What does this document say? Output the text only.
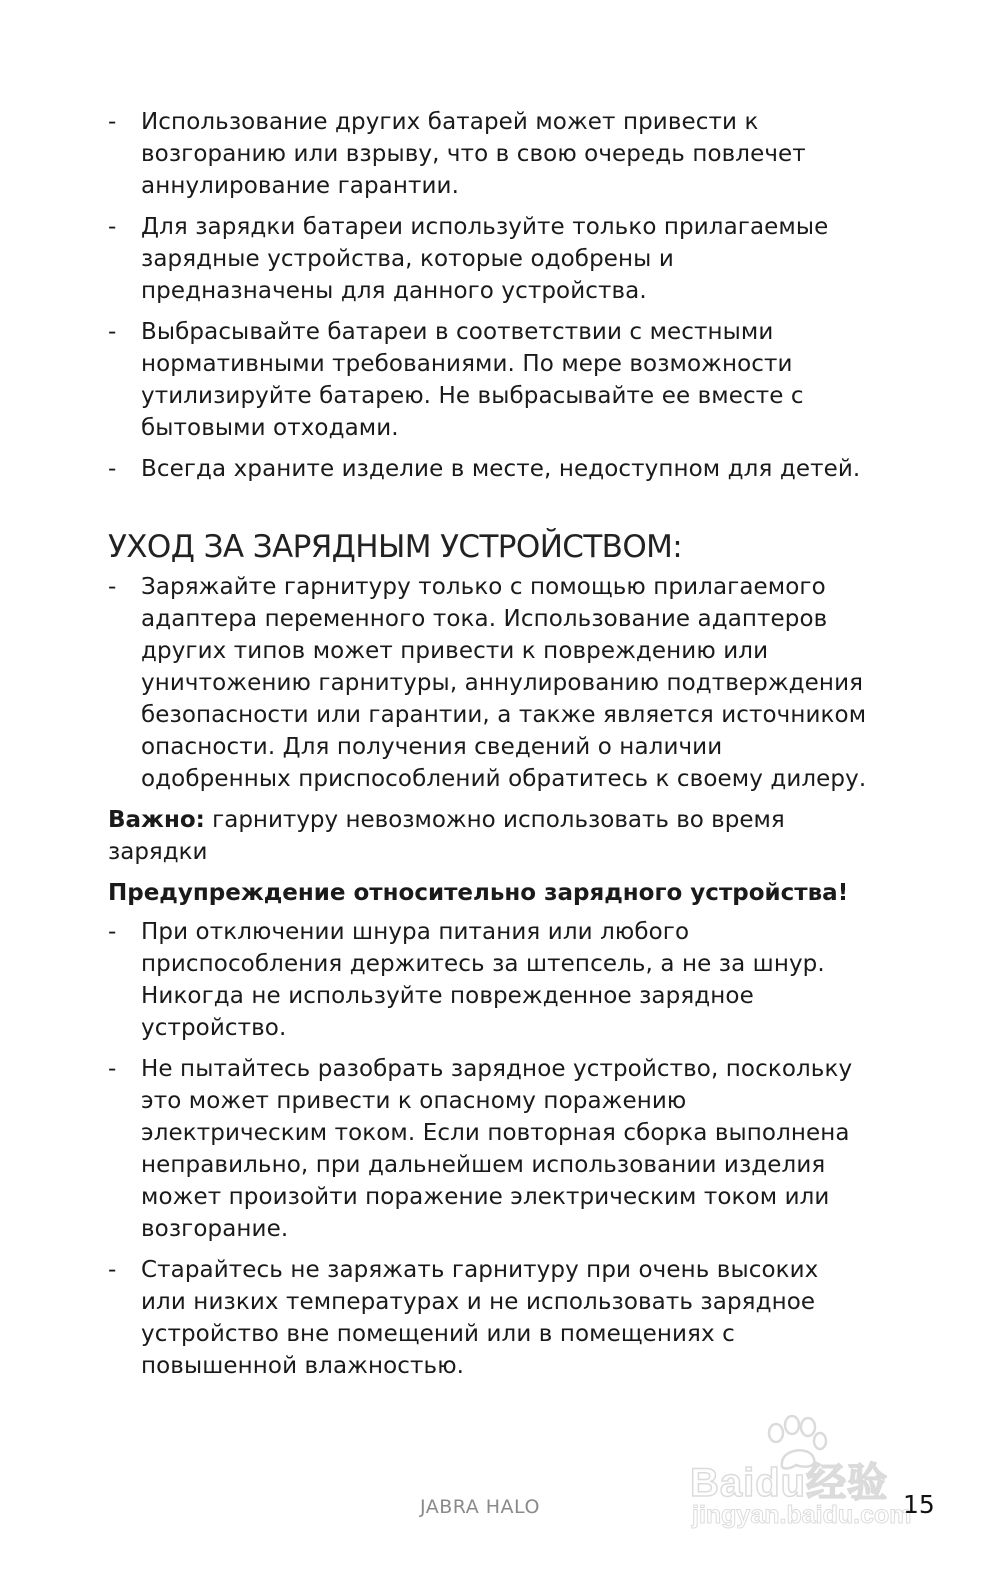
- Использование других батарей может привести к возгоранию или взрыву, что в свою очередь повлечет аннулирование гарантии.
- Для зарядки батареи используйте только прилагаемые зарядные устройства, которые одобрены и предназначены для данного устройства.
- Выбрасывайте батареи в соответствии с местными нормативными требованиями. По мере возможности утилизируйте батарею. Не выбрасывайте ее вместе с бытовыми отходами.
- Всегда храните изделие в месте, недоступном для детей.
УХОД ЗА ЗАРЯДНЫМ УСТРОЙСТВОМ:
- Заряжайте гарнитуру только с помощью прилагаемого адаптера переменного тока. Использование адаптеров других типов может привести к повреждению или уничтожению гарнитуры, аннулированию подтверждения безопасности или гарантии, а также является источником опасности. Для получения сведений о наличии одобренных приспособлений обратитесь к своему дилеру.

Важно: гарнитуру невозможно использовать во время зарядки

Предупреждение относительно зарядного устройства!

- При отключении шнура питания или любого приспособления держитесь за штепсель, а не за шнур. Никогда не используйте поврежденное зарядное устройство.
- Не пытайтесь разобрать зарядное устройство, поскольку это может привести к опасному поражению электрическим током. Если повторная сборка выполнена неправильно, при дальнейшем использовании изделия может произойти поражение электрическим током или возгорание.
- Старайтесь не заряжать гарнитуру при очень высоких или низких температурах и не использовать зарядное устройство вне помещений или в помещениях с повышенной влажностью.
Baidu经验
jingyan.baidu.com
JABRA HALO	15
